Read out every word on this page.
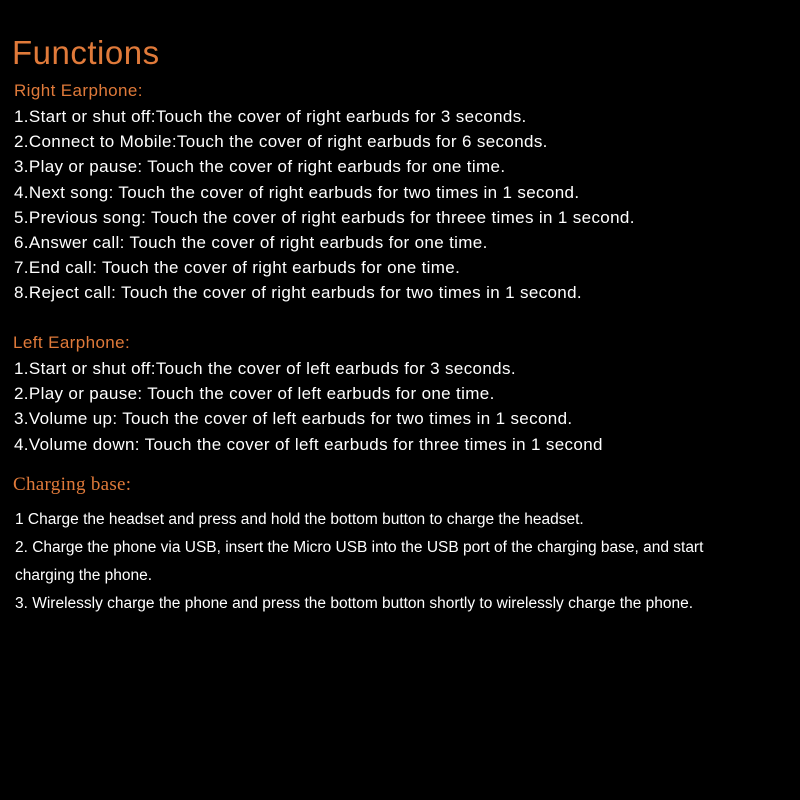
Functions
Right Earphone:
1.Start or shut off:Touch the cover of right earbuds for 3 seconds.
2.Connect to Mobile:Touch the cover of right earbuds for 6 seconds.
3.Play or pause: Touch the cover of right earbuds for one time.
4.Next song: Touch the cover of right earbuds for two times in 1 second.
5.Previous song: Touch the cover of right earbuds for threee times in 1 second.
6.Answer call: Touch the cover of right earbuds for one time.
7.End call: Touch the cover of right earbuds for one time.
8.Reject call: Touch the cover of right earbuds for two times in 1 second.
Left Earphone:
1.Start or shut off:Touch the cover of left earbuds for 3 seconds.
2.Play or pause: Touch the cover of left earbuds for one time.
3.Volume up: Touch the cover of left earbuds for two times in 1 second.
4.Volume down: Touch the cover of left earbuds for three times in 1 second
Charging base:
1 Charge the headset and press and hold the bottom button to charge the headset.
2. Charge the phone via USB, insert the Micro USB into the USB port of the charging base, and start charging the phone.
3. Wirelessly charge the phone and press the bottom button shortly to wirelessly charge the phone.
